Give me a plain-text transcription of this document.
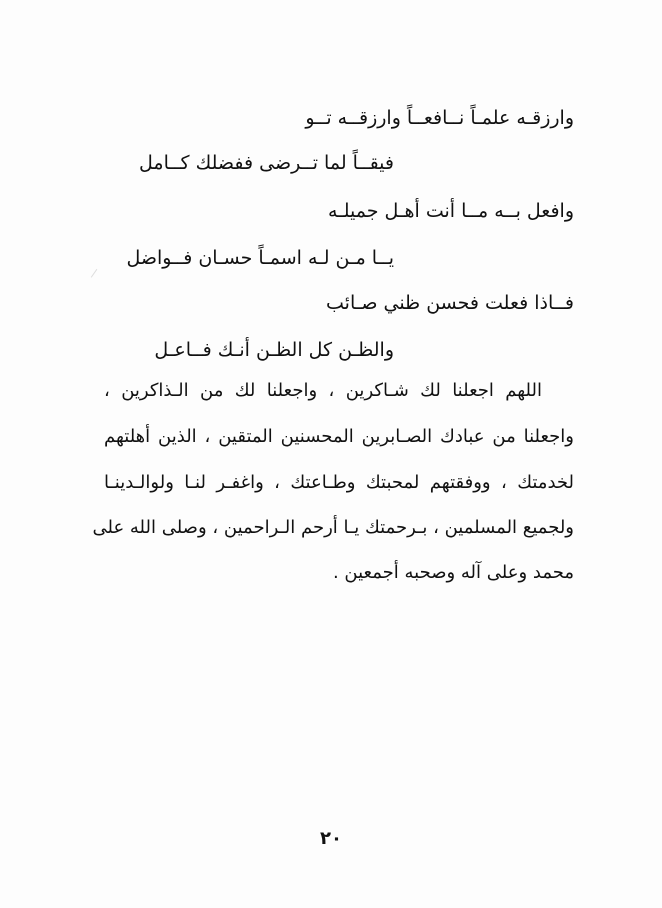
وارزقـه علمـاً نــافعــاً وارزقــه تــو
فيقــاً لما تــرضى ففضلك كــامل
وافعل بــه مــا أنت أهـل جميلـه
يــا مـن لـه اسمـاً حسـان فــواضل
فــاذا فعلت فحسن ظني صـائب
والظـن كل الظـن أنـك فــاعـل
اللهم اجعلنا لك شـاكرين ، واجعلنا لك من الـذاكرين ،
واجعلنا من عبادك الصـابرين المحسنين المتقين ، الذين أهلتهم
لخدمتك ، ووفقتهم لمحبتك وطـاعتك ، واغفـر لنـا ولوالـدينـا
ولجميع المسلمين ، بـرحمتك يـا أرحم الـراحمين ، وصلى الله على
محمد وعلى آله وصحبه أجمعين .
٢٠
